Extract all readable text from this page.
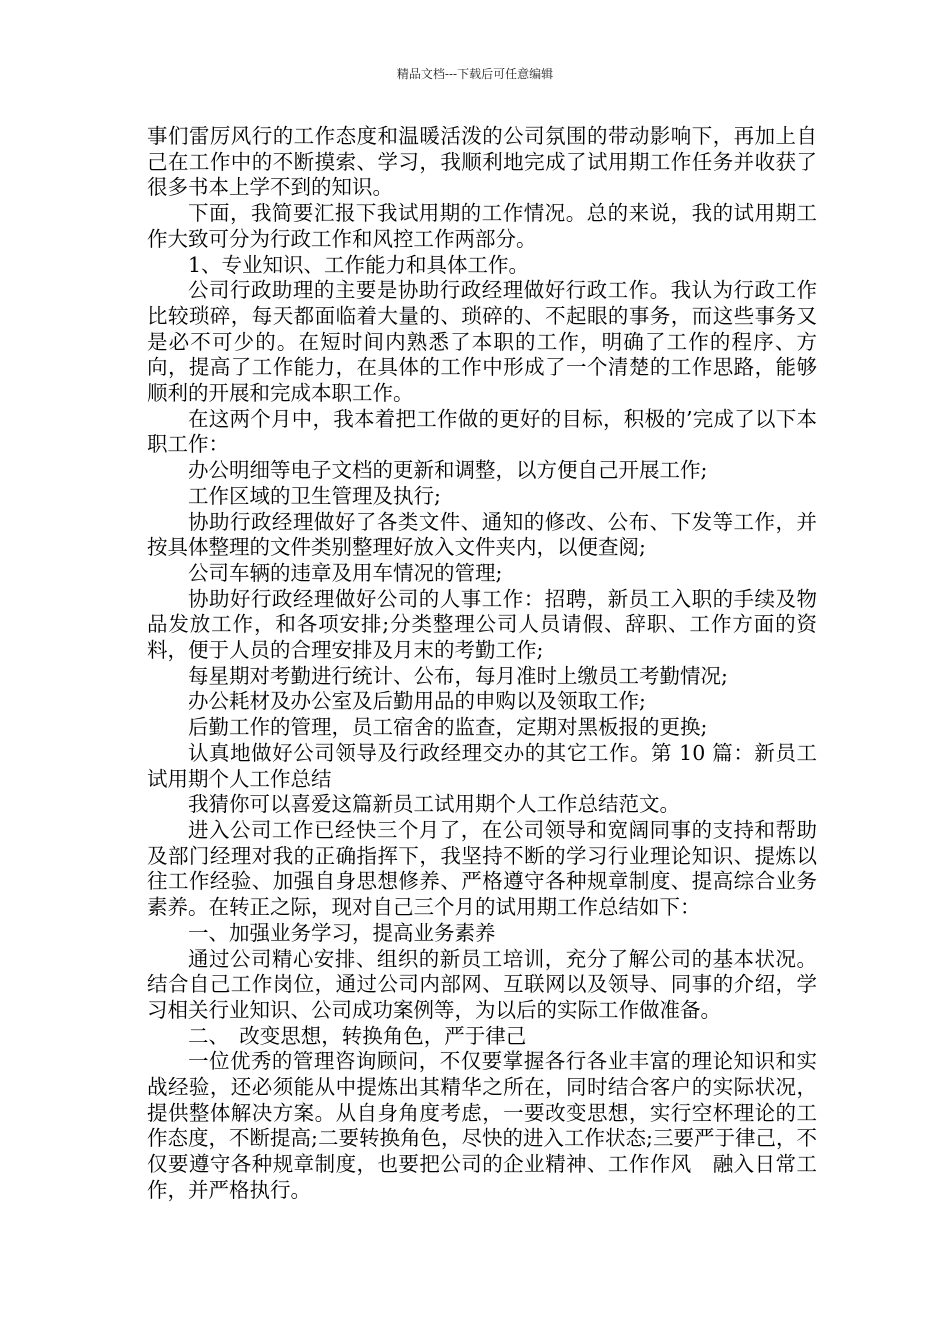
精品文档---下载后可任意编辑

事们雷厉风行的工作态度和温暖活泼的公司氛围的带动影响下，再加上自己在工作中的不断摸索、学习，我顺利地完成了试用期工作任务并收获了很多书本上学不到的知识。

下面，我简要汇报下我试用期的工作情况。总的来说，我的试用期工作大致可分为行政工作和风控工作两部分。

1、专业知识、工作能力和具体工作。

公司行政助理的主要是协助行政经理做好行政工作。我认为行政工作比较琐碎，每天都面临着大量的、琐碎的、不起眼的事务，而这些事务又是必不可少的。在短时间内熟悉了本职的工作，明确了工作的程序、方向，提高了工作能力，在具体的工作中形成了一个清楚的工作思路，能够顺利的开展和完成本职工作。

在这两个月中，我本着把工作做的更好的目标，积极的’完成了以下本职工作：

办公明细等电子文档的更新和调整，以方便自己开展工作;

工作区域的卫生管理及执行;

协助行政经理做好了各类文件、通知的修改、公布、下发等工作，并按具体整理的文件类别整理好放入文件夹内，以便查阅;

公司车辆的违章及用车情况的管理;

协助好行政经理做好公司的人事工作：招聘，新员工入职的手续及物品发放工作，和各项安排;分类整理公司人员请假、辞职、工作方面的资料，便于人员的合理安排及月末的考勤工作;

每星期对考勤进行统计、公布，每月准时上缴员工考勤情况;

办公耗材及办公室及后勤用品的申购以及领取工作;

后勤工作的管理，员工宿舍的监查，定期对黑板报的更换;

认真地做好公司领导及行政经理交办的其它工作。第 10 篇：新员工试用期个人工作总结

我猜你可以喜爱这篇新员工试用期个人工作总结范文。

进入公司工作已经快三个月了，在公司领导和宽阔同事的支持和帮助及部门经理对我的正确指挥下，我坚持不断的学习行业理论知识、提炼以往工作经验、加强自身思想修养、严格遵守各种规章制度、提高综合业务素养。在转正之际，现对自己三个月的试用期工作总结如下：

一、加强业务学习，提高业务素养

通过公司精心安排、组织的新员工培训，充分了解公司的基本状况。结合自己工作岗位，通过公司内部网、互联网以及领导、同事的介绍，学习相关行业知识、公司成功案例等，为以后的实际工作做准备。

二、　改变思想，转换角色，严于律己

一位优秀的管理咨询顾问，不仅要掌握各行各业丰富的理论知识和实战经验，还必须能从中提炼出其精华之所在，同时结合客户的实际状况，提供整体解决方案。从自身角度考虑，一要改变思想，实行空杯理论的工作态度，不断提高;二要转换角色，尽快的进入工作状态;三要严于律己，不仅要遵守各种规章制度，也要把公司的企业精神、工作作风　融入日常工作，并严格执行。
